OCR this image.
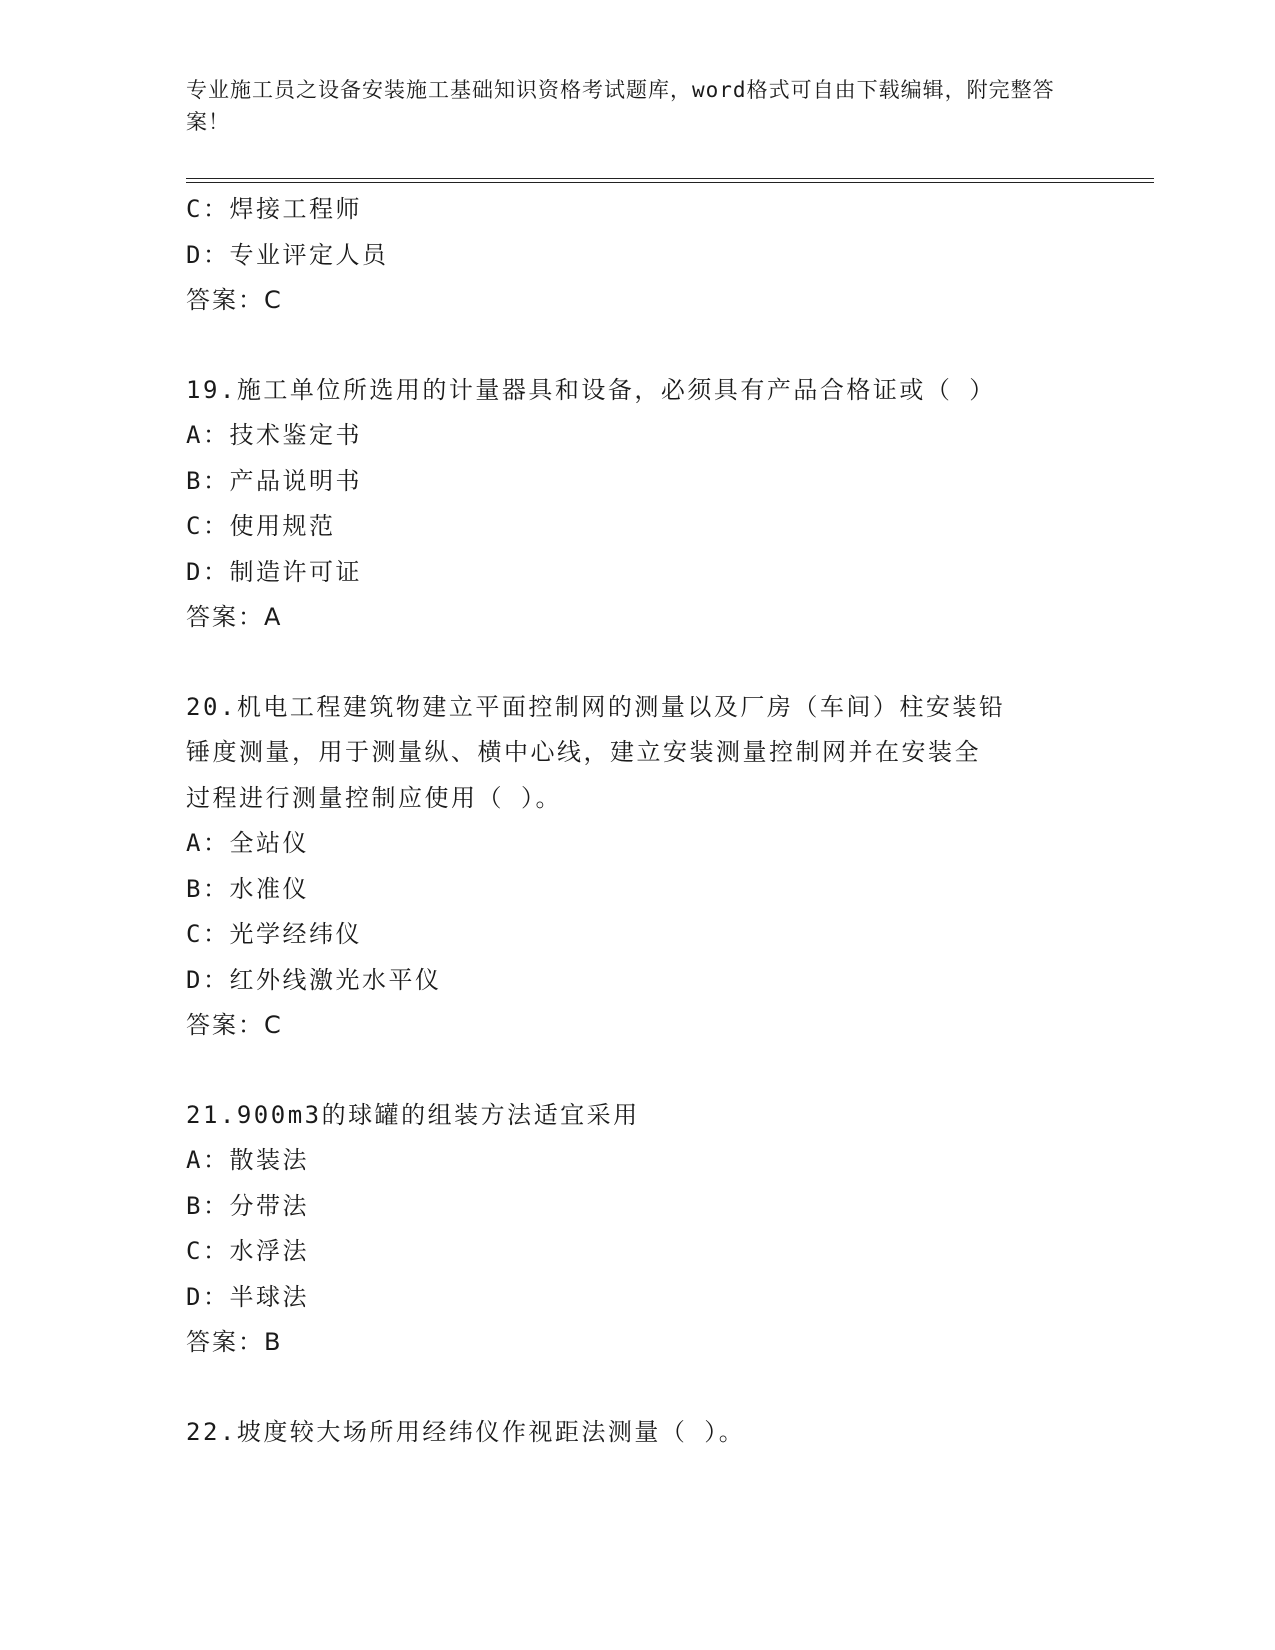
专业施工员之设备安装施工基础知识资格考试题库，word格式可自由下载编辑，附完整答案！
C：焊接工程师
D：专业评定人员
答案：C
19.施工单位所选用的计量器具和设备，必须具有产品合格证或（ ）
A：技术鉴定书
B：产品说明书
C：使用规范
D：制造许可证
答案：A
20.机电工程建筑物建立平面控制网的测量以及厂房（车间）柱安装铅
锤度测量，用于测量纵、横中心线，建立安装测量控制网并在安装全
过程进行测量控制应使用（ ）。
A：全站仪
B：水准仪
C：光学经纬仪
D：红外线激光水平仪
答案：C
21.900m3的球罐的组装方法适宜采用
A：散装法
B：分带法
C：水浮法
D：半球法
答案：B
22.坡度较大场所用经纬仪作视距法测量（ ）。
